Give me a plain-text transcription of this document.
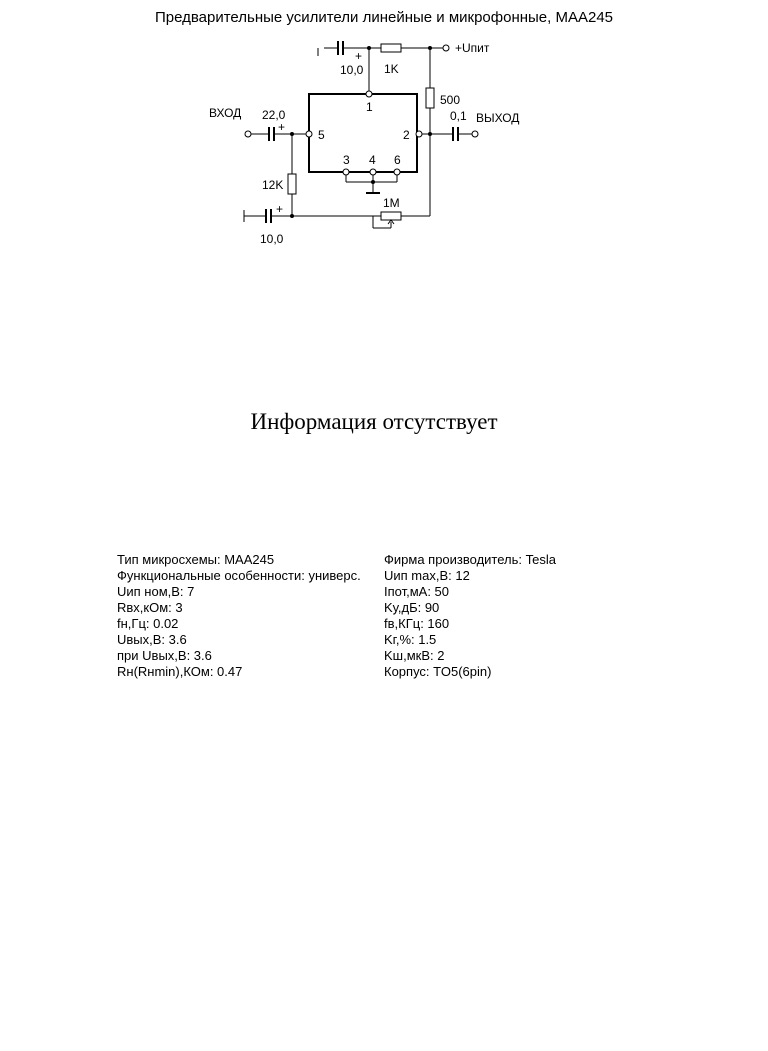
Предварительные усилители линейные и микрофонные, МАА245
ВХОД	ВЫХОД
+Uпит
22,0
+
10,0
+
10,0
+
0,1
1K
500
12K
1M
1
2
3 4
5
6
Информация отсутствует
Тип микросхемы: МАА245
Функциональные особенности: универс.
Uип ном,В: 7
Rвх,кОм: 3
fн,Гц: 0.02
Uвых,В: 3.6
при Uвых,В: 3.6
Rн(Rнmin),КОм: 0.47
Фирма производитель: Tesla
Uип max,В: 12
Iпот,мА: 50
Kу,дБ: 90
fв,КГц: 160
Kг,%: 1.5
Kш,мкВ: 2
Корпус: TO5(6pin)
